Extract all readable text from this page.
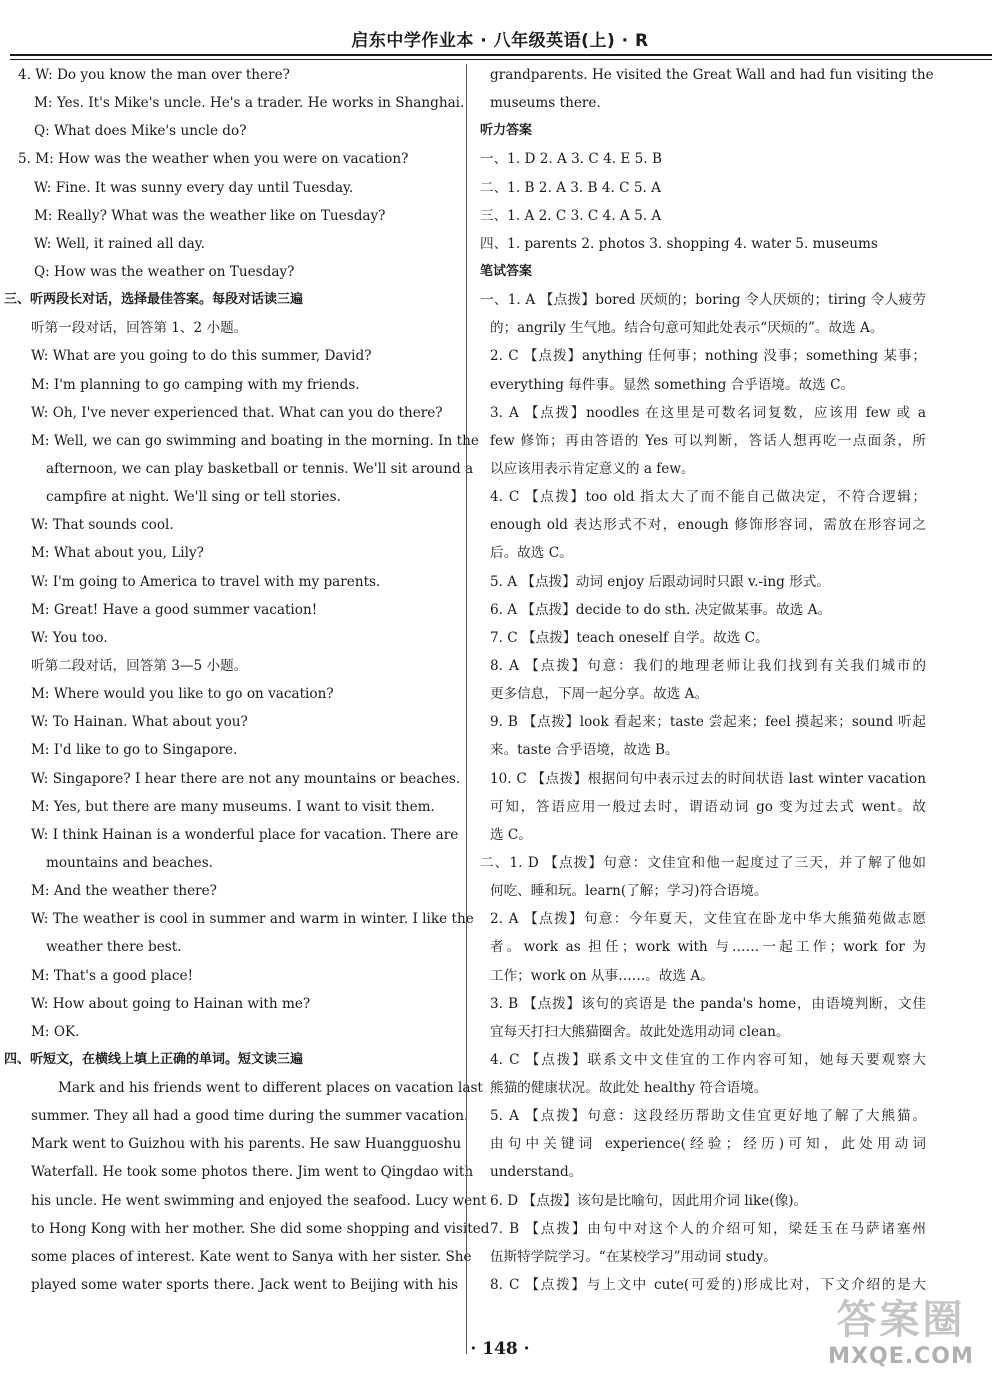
启东中学作业本 · 八年级英语(上) · R
4. W: Do you know the man over there?
M: Yes. It's Mike's uncle. He's a trader. He works in Shanghai.
Q: What does Mike's uncle do?
5. M: How was the weather when you were on vacation?
W: Fine. It was sunny every day until Tuesday.
M: Really? What was the weather like on Tuesday?
W: Well, it rained all day.
Q: How was the weather on Tuesday?
三、听两段长对话，选择最佳答案。每段对话读三遍
听第一段对话，回答第 1、2 小题。
W: What are you going to do this summer, David?
M: I'm planning to go camping with my friends.
W: Oh, I've never experienced that. What can you do there?
M: Well, we can go swimming and boating in the morning. In the
afternoon, we can play basketball or tennis. We'll sit around a
campfire at night. We'll sing or tell stories.
W: That sounds cool.
M: What about you, Lily?
W: I'm going to America to travel with my parents.
M: Great! Have a good summer vacation!
W: You too.
听第二段对话，回答第 3—5 小题。
M: Where would you like to go on vacation?
W: To Hainan. What about you?
M: I'd like to go to Singapore.
W: Singapore? I hear there are not any mountains or beaches.
M: Yes, but there are many museums. I want to visit them.
W: I think Hainan is a wonderful place for vacation. There are
mountains and beaches.
M: And the weather there?
W: The weather is cool in summer and warm in winter. I like the
weather there best.
M: That's a good place!
W: How about going to Hainan with me?
M: OK.
四、听短文，在横线上填上正确的单词。短文读三遍
Mark and his friends went to different places on vacation last
summer. They all had a good time during the summer vacation.
Mark went to Guizhou with his parents. He saw Huangguoshu
Waterfall. He took some photos there. Jim went to Qingdao with
his uncle. He went swimming and enjoyed the seafood. Lucy went
to Hong Kong with her mother. She did some shopping and visited
some places of interest. Kate went to Sanya with her sister. She
played some water sports there. Jack went to Beijing with his
grandparents. He visited the Great Wall and had fun visiting the
museums there.
听力答案
一、1. D 2. A 3. C 4. E 5. B
二、1. B 2. A 3. B 4. C 5. A
三、1. A 2. C 3. C 4. A 5. A
四、1. parents 2. photos 3. shopping 4. water 5. museums
笔试答案
一、1. A 【点拨】bored 厌烦的；boring 令人厌烦的；tiring 令人疲劳
的；angrily 生气地。结合句意可知此处表示“厌烦的”。故选 A。
2. C 【点拨】anything 任何事；nothing 没事；something 某事；
everything 每件事。显然 something 合乎语境。故选 C。
3. A 【点拨】noodles 在这里是可数名词复数，应该用 few 或 a
few 修饰；再由答语的 Yes 可以判断，答话人想再吃一点面条，所
以应该用表示肯定意义的 a few。
4. C 【点拨】too old 指太大了而不能自己做决定，不符合逻辑；
enough old 表达形式不对，enough 修饰形容词，需放在形容词之
后。故选 C。
5. A 【点拨】动词 enjoy 后跟动词时只跟 v.-ing 形式。
6. A 【点拨】decide to do sth. 决定做某事。故选 A。
7. C 【点拨】teach oneself 自学。故选 C。
8. A 【点拨】句意：我们的地理老师让我们找到有关我们城市的
更多信息，下周一起分享。故选 A。
9. B 【点拨】look 看起来；taste 尝起来；feel 摸起来；sound 听起
来。taste 合乎语境，故选 B。
10. C 【点拨】根据问句中表示过去的时间状语 last winter vacation
可知，答语应用一般过去时，谓语动词 go 变为过去式 went。故
选 C。
二、1. D 【点拨】句意：文佳宜和他一起度过了三天，并了解了他如
何吃、睡和玩。learn(了解；学习)符合语境。
2. A 【点拨】句意：今年夏天，文佳宜在卧龙中华大熊猫苑做志愿
者。work as 担任；work with 与……一起工作；work for 为
工作；work on 从事……。故选 A。
3. B 【点拨】该句的宾语是 the panda's home，由语境判断，文佳
宜每天打扫大熊猫圈舍。故此处选用动词 clean。
4. C 【点拨】联系文中文佳宜的工作内容可知，她每天要观察大
熊猫的健康状况。故此处 healthy 符合语境。
5. A 【点拨】句意：这段经历帮助文佳宜更好地了解了大熊猫。
由句中关键词 experience(经验；经历)可知，此处用动词
understand。
6. D 【点拨】该句是比喻句，因此用介词 like(像)。
7. B 【点拨】由句中对这个人的介绍可知，梁廷玉在马萨诸塞州
伍斯特学院学习。“在某校学习”用动词 study。
8. C 【点拨】与上文中 cute(可爱的)形成比对，下文介绍的是大
· 148 ·
答案圈
MXQE.COM
